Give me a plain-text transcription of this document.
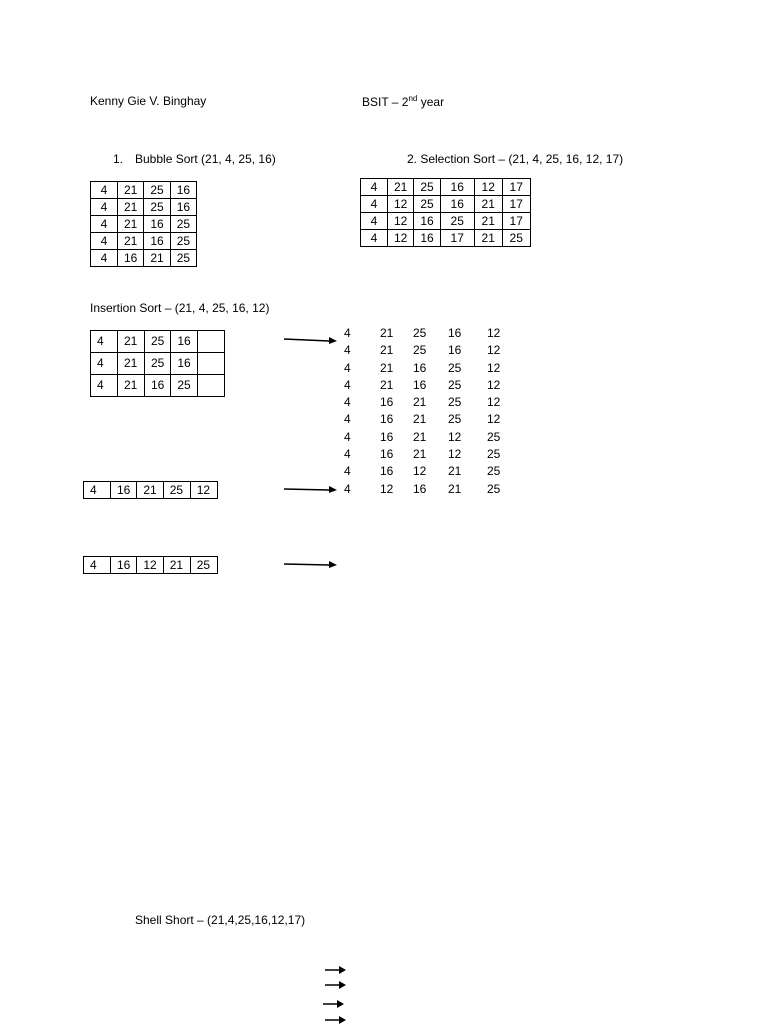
Kenny Gie V. Binghay	BSIT – 2nd year
1. Bubble Sort (21, 4, 25, 16)
4	21	25	16
4	21	25	16
4	21	16	25
4	21	16	25
4	16	21	25
2. Selection Sort – (21, 4, 25, 16, 12, 17)
4	21	25	16	12	17
4	12	25	16	21	17
4	12	16	25	21	17
4	12	16	17	21	25
Insertion Sort – (21, 4, 25, 16, 12)
4	21	25	16	
4	21	25	16	
4	21	16	25	
4	16	21	25	12
4	16	12	21	25
4 21 25 16 12
4 21 25 16 12
4 21 16 25 12
4 21 16 25 12
4 16 21 25 12
4 16 21 25 12
4 16 21 12 25
4 16 21 12 25
4 16 12 21 25
4 12 16 21 25
Shell Short – (21,4,25,16,12,17)
